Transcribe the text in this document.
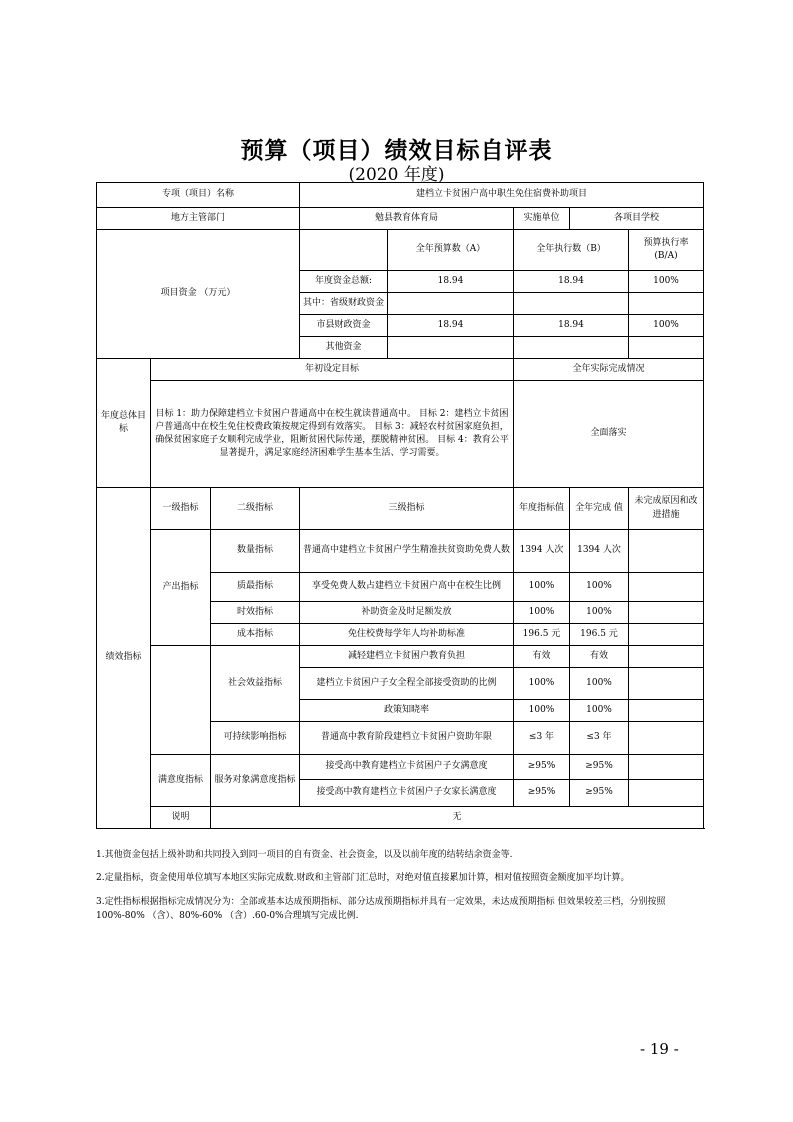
预算（项目）绩效目标自评表
(2020 年度)
专项（项目）名称			建档立卡贫困户高中职生免住宿费补助项目				
地方主管部门			勉县教育体育局		实施单位	各项目学校	
项目资金 （万元）				全年预算数（A）	全年执行数（B）		预算执行率
(B/A)
			年度资金总额:	18.94	18.94		100%
			其中：省级财政资金				
			市县财政资金	18.94	18.94		100%
			其他资金				
年度总体目标	年初设定目标				全年实际完成情况		
	目标 1：助力保障建档立卡贫困户普通高中在校生就读普通高中。 目标 2：建档立卡贫困户普通高中在校生免住校费政策按规定得到有效落实。 目标 3：减轻农村贫困家庭负担，确保贫困家庭子女顺利完成学业，阻断贫困代际传递，摆脱精神贫困。 目标 4：教育公平显著提升，满足家庭经济困难学生基本生活、学习需要。				全面落实		
绩效指标	一级指标	二级指标	三级指标		年度指标值	全年完成 值	未完成原因和改进措施
	产出指标	数量指标	普通高中建档立卡贫困户学生精准扶贫资助免费人数		1394 人次	1394 人次	
		质最指标	享受免费人数占建档立卡贫困户高中在校生比例		100%	100%	
		时效指标	补助资金及时足额发放		100%	100%	
		成本指标	免住校费每学年人均补助标准		196.5 元	196.5 元	
		社会效益指标	减轻建档立卡贫困户教育负担		有效	有效	
			建档立卡贫困户子女全程全部接受资助的比例		100%	100%	
			政策知晓率		100%	100%	
		可持续影响指标	普通高中教育阶段建档立卡贫困户资助年限		≤3 年	≤3 年	
	满意度指标	服务对象满意度指标	接受高中教育建档立卡贫困户子女满意度		≥95%	≥95%	
			接受高中教育建档立卡贫困户子女家长满意度		≥95%	≥95%	
	说明	无					

1.其他资金包括上级补助和共同投入到同一项目的自有资金、社会资金，以及以前年度的结转结余资金等.

2.定量指标，资金使用单位填写本地区实际完成数.财政和主管部门汇总时，对绝对值直接累加计算，相对值按照资金额度加平均计算。

3.定性指标根据指标完成情况分为：全部或基本达成预期指标、部分达成预期指标并具有一定效果，未达成预期指标 但效果较差三档，分别按照 100%-80% （含）、80%-60% （含）.60-0%合理填写完成比例.

- 19 -
